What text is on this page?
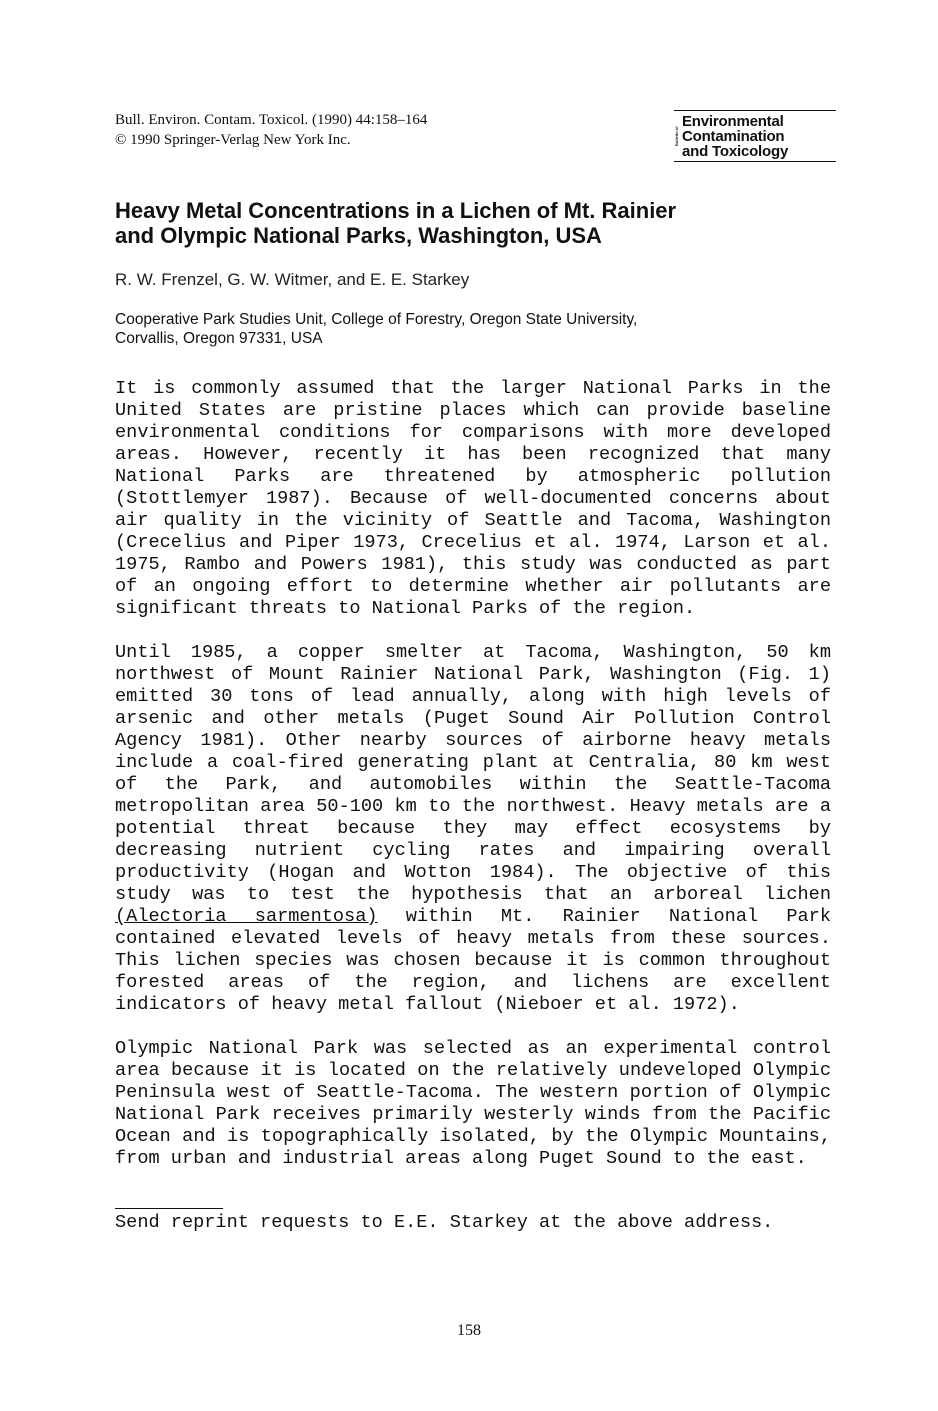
Bull. Environ. Contam. Toxicol. (1990) 44:158–164
© 1990 Springer-Verlag New York Inc.	Bulletin of
Environmental
Contamination
and Toxicology
Heavy Metal Concentrations in a Lichen of Mt. Rainier
and Olympic National Parks, Washington, USA
R. W. Frenzel, G. W. Witmer, and E. E. Starkey
Cooperative Park Studies Unit, College of Forestry, Oregon State University,
Corvallis, Oregon 97331, USA

It is commonly assumed that the larger National Parks in the United States are pristine places which can provide baseline environmental conditions for comparisons with more developed areas. However, recently it has been recognized that many National Parks are threatened by atmospheric pollution (Stottlemyer 1987). Because of well-documented concerns about air quality in the vicinity of Seattle and Tacoma, Washington (Crecelius and Piper 1973, Crecelius et al. 1974, Larson et al. 1975, Rambo and Powers 1981), this study was conducted as part of an ongoing effort to determine whether air pollutants are significant threats to National Parks of the region.

Until 1985, a copper smelter at Tacoma, Washington, 50 km northwest of Mount Rainier National Park, Washington (Fig. 1) emitted 30 tons of lead annually, along with high levels of arsenic and other metals (Puget Sound Air Pollution Control Agency 1981). Other nearby sources of airborne heavy metals include a coal-fired generating plant at Centralia, 80 km west of the Park, and automobiles within the Seattle-Tacoma metropolitan area 50-100 km to the northwest. Heavy metals are a potential threat because they may effect ecosystems by decreasing nutrient cycling rates and impairing overall productivity (Hogan and Wotton 1984). The objective of this study was to test the hypothesis that an arboreal lichen (Alectoria sarmentosa) within Mt. Rainier National Park contained elevated levels of heavy metals from these sources. This lichen species was chosen because it is common throughout forested areas of the region, and lichens are excellent indicators of heavy metal fallout (Nieboer et al. 1972).

Olympic National Park was selected as an experimental control area because it is located on the relatively undeveloped Olympic Peninsula west of Seattle-Tacoma. The western portion of Olympic National Park receives primarily westerly winds from the Pacific Ocean and is topographically isolated, by the Olympic Mountains, from urban and industrial areas along Puget Sound to the east.

Send reprint requests to E.E. Starkey at the above address.
158
